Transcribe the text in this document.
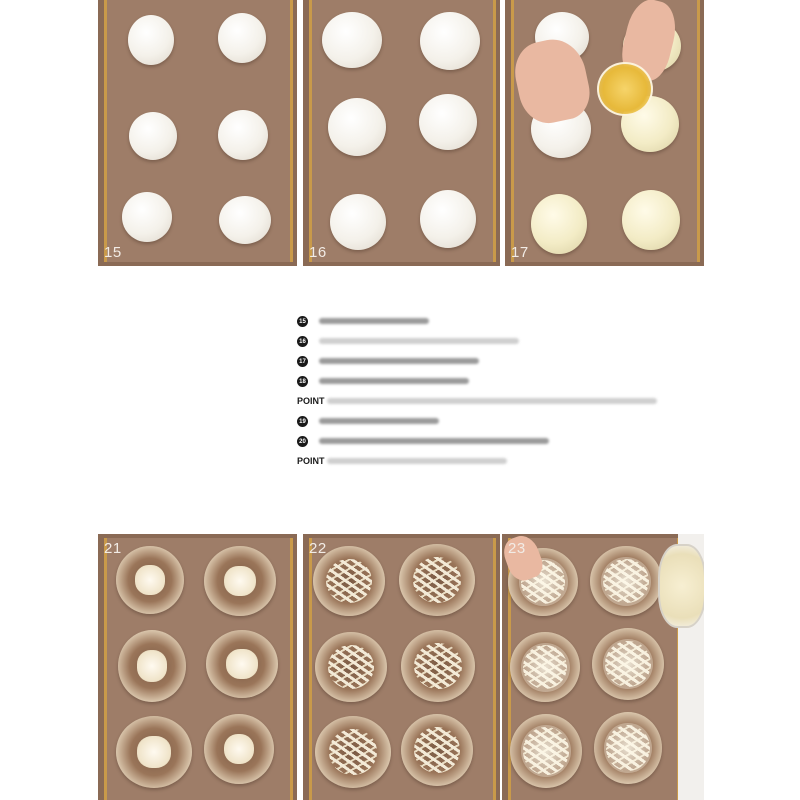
15	16	17
15
16
17
18
POINT
19
20
POINT
21	22	23
